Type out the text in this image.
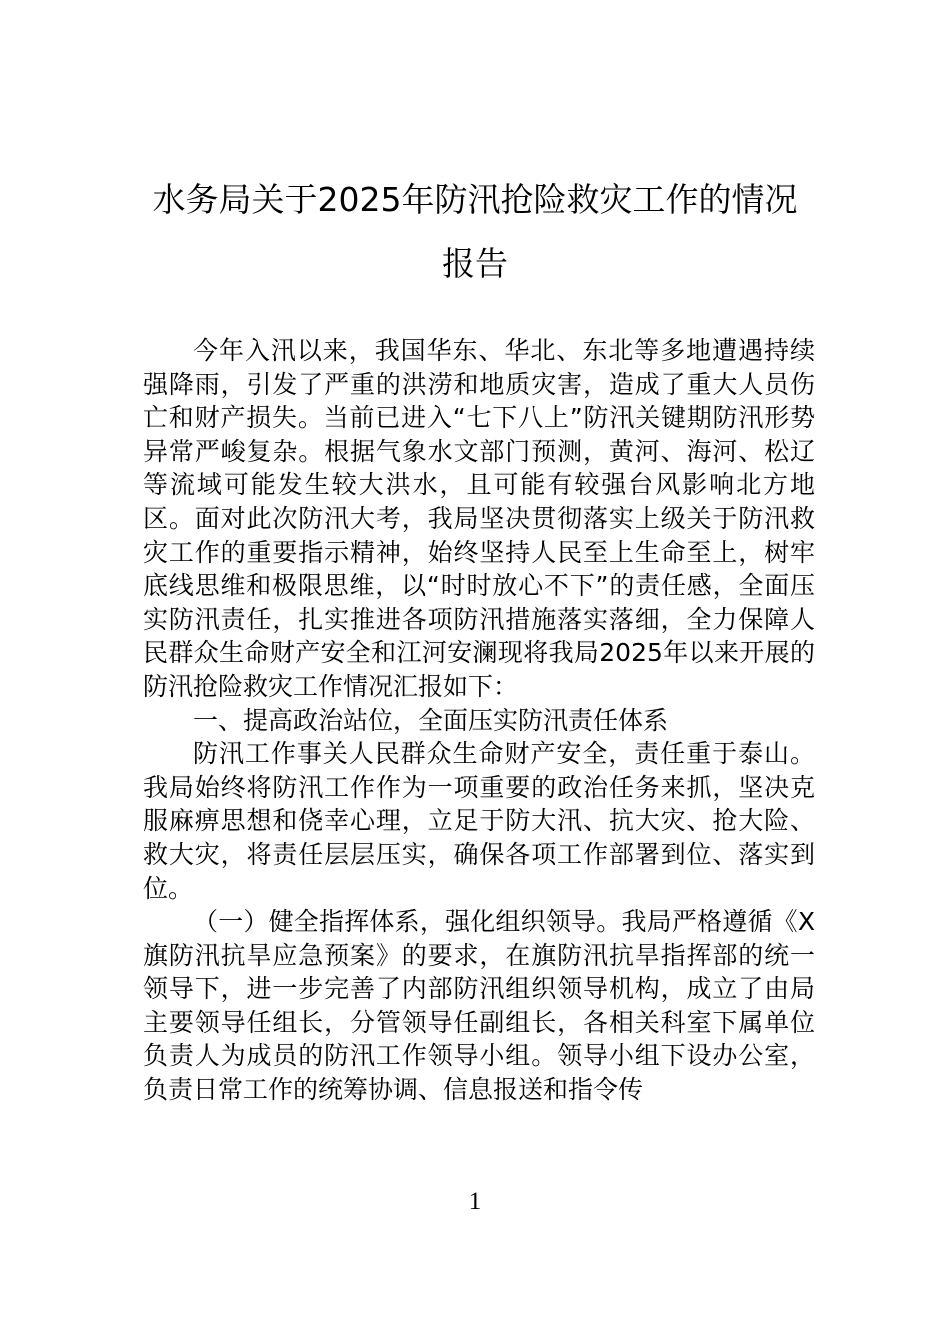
水务局关于2025年防汛抢险救灾工作的情况报告

今年入汛以来，我国华东、华北、东北等多地遭遇持续强降雨，引发了严重的洪涝和地质灾害，造成了重大人员伤亡和财产损失。当前已进入“七下八上”防汛关键期防汛形势异常严峻复杂。根据气象水文部门预测，黄河、海河、松辽等流域可能发生较大洪水，且可能有较强台风影响北方地区。面对此次防汛大考，我局坚决贯彻落实上级关于防汛救灾工作的重要指示精神，始终坚持人民至上生命至上，树牢底线思维和极限思维，以“时时放心不下”的责任感，全面压实防汛责任，扎实推进各项防汛措施落实落细，全力保障人民群众生命财产安全和江河安澜现将我局2025年以来开展的防汛抢险救灾工作情况汇报如下：

一、提高政治站位，全面压实防汛责任体系

防汛工作事关人民群众生命财产安全，责任重于泰山。我局始终将防汛工作作为一项重要的政治任务来抓，坚决克服麻痹思想和侥幸心理，立足于防大汛、抗大灾、抢大险、救大灾，将责任层层压实，确保各项工作部署到位、落实到位。

（一）健全指挥体系，强化组织领导。我局严格遵循《X旗防汛抗旱应急预案》的要求，在旗防汛抗旱指挥部的统一领导下，进一步完善了内部防汛组织领导机构，成立了由局主要领导任组长，分管领导任副组长，各相关科室下属单位负责人为成员的防汛工作领导小组。领导小组下设办公室，负责日常工作的统筹协调、信息报送和指令传

1
